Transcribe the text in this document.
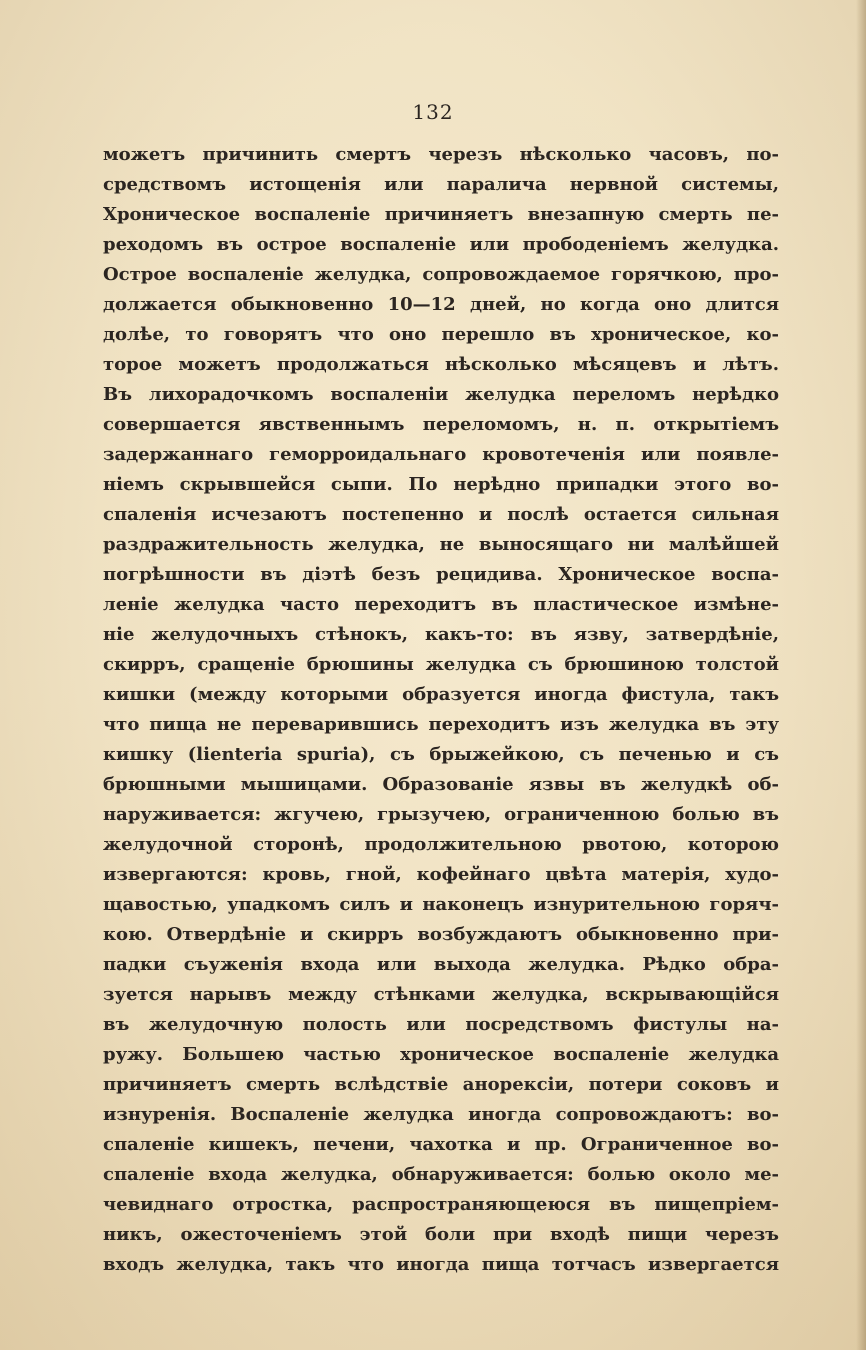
132
можетъ причинить смертъ черезъ нѣсколько часовъ, по-
средствомъ истощенія или паралича нервной системы,
Хроническое воспаленіе причиняетъ внезапную смерть пе-
реходомъ въ острое воспаленіе или прободеніемъ желудка.
Острое воспаленіе желудка, сопровождаемое горячкою, про-
должается обыкновенно 10—12 дней, но когда оно длится
долѣе, то говорятъ что оно перешло въ хроническое, ко-
торое можетъ продолжаться нѣсколько мѣсяцевъ и лѣтъ.
Въ лихорадочкомъ воспаленіи желудка переломъ нерѣдко
совершается явственнымъ переломомъ, н. п. открытіемъ
задержаннаго геморроидальнаго кровотеченія или появле-
ніемъ скрывшейся сыпи. По нерѣдно припадки этого во-
спаленія исчезаютъ постепенно и послѣ остается сильная
раздражительность желудка, не выносящаго ни малѣйшей
погрѣшности въ діэтѣ безъ рецидива. Хроническое воспа-
леніе желудка часто переходитъ въ пластическое измѣне-
ніе желудочныхъ стѣнокъ, какъ-то: въ язву, затвердѣніе,
скирръ, сращеніе брюшины желудка съ брюшиною толстой
кишки (между которыми образуется иногда фистула, такъ
что пища не переварившись переходитъ изъ желудка въ эту
кишку (lienteria spuria), съ брыжейкою, съ печенью и съ
брюшными мышицами. Образованіе язвы въ желудкѣ об-
наруживается: жгучею, грызучею, ограниченною болью въ
желудочной сторонѣ, продолжительною рвотою, которою
извергаются: кровь, гной, кофейнаго цвѣта матерія, худо-
щавостью, упадкомъ силъ и наконецъ изнурительною горяч-
кою. Отвердѣніе и скирръ возбуждаютъ обыкновенно при-
падки съуженія входа или выхода желудка. Рѣдко обра-
зуется нарывъ между стѣнками желудка, вскрывающійся
въ желудочную полость или посредствомъ фистулы на-
ружу. Большею частью хроническое воспаленіе желудка
причиняетъ смерть вслѣдствіе анорексіи, потери соковъ и
изнуренія. Воспаленіе желудка иногда сопровождаютъ: во-
спаленіе кишекъ, печени, чахотка и пр. Ограниченное во-
спаленіе входа желудка, обнаруживается: болью около ме-
чевиднаго отростка, распространяющеюся въ пищепріем-
никъ, ожесточеніемъ этой боли при входѣ пищи черезъ
входъ желудка, такъ что иногда пища тотчасъ извергается
